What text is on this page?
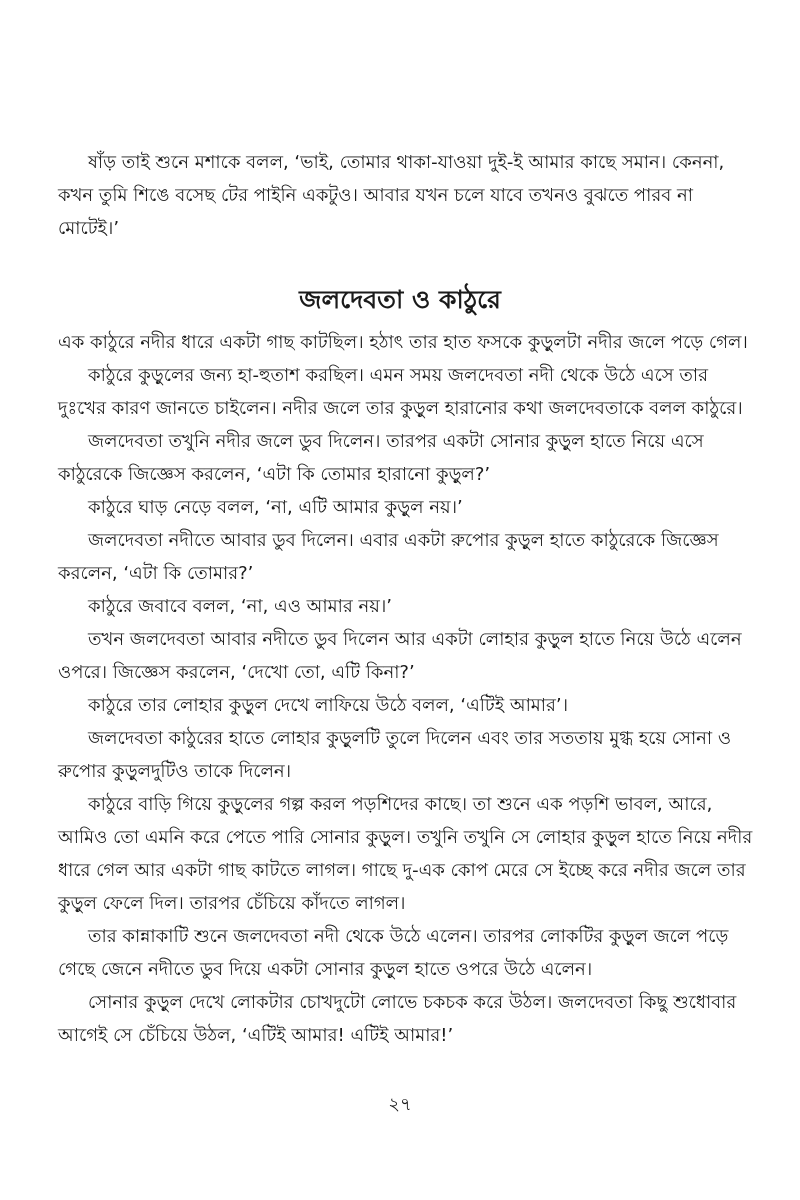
ষাঁড় তাই শুনে মশাকে বলল, ‘ভাই, তোমার থাকা-যাওয়া দুই-ই আমার কাছে সমান। কেননা, কখন তুমি শিঙে বসেছ টের পাইনি একটুও। আবার যখন চলে যাবে তখনও বুঝতে পারব না মোটেই।’

জলদেবতা ও কাঠুরে

এক কাঠুরে নদীর ধারে একটা গাছ কাটছিল। হঠাৎ তার হাত ফসকে কুড়ুলটা নদীর জলে পড়ে গেল।

কাঠুরে কুড়ুলের জন্য হা-হুতাশ করছিল। এমন সময় জলদেবতা নদী থেকে উঠে এসে তার দুঃখের কারণ জানতে চাইলেন। নদীর জলে তার কুড়ুল হারানোর কথা জলদেবতাকে বলল কাঠুরে।

জলদেবতা তখুনি নদীর জলে ডুব দিলেন। তারপর একটা সোনার কুড়ুল হাতে নিয়ে এসে কাঠুরেকে জিজ্ঞেস করলেন, ‘এটা কি তোমার হারানো কুড়ুল?’

কাঠুরে ঘাড় নেড়ে বলল, ‘না, এটি আমার কুড়ুল নয়।’

জলদেবতা নদীতে আবার ডুব দিলেন। এবার একটা রুপোর কুড়ুল হাতে কাঠুরেকে জিজ্ঞেস করলেন, ‘এটা কি তোমার?’

কাঠুরে জবাবে বলল, ‘না, এও আমার নয়।’

তখন জলদেবতা আবার নদীতে ডুব দিলেন আর একটা লোহার কুড়ুল হাতে নিয়ে উঠে এলেন ওপরে। জিজ্ঞেস করলেন, ‘দেখো তো, এটি কিনা?’

কাঠুরে তার লোহার কুড়ুল দেখে লাফিয়ে উঠে বলল, ‘এটিই আমার’।

জলদেবতা কাঠুরের হাতে লোহার কুড়ুলটি তুলে দিলেন এবং তার সততায় মুগ্ধ হয়ে সোনা ও রুপোর কুড়ুলদুটিও তাকে দিলেন।

কাঠুরে বাড়ি গিয়ে কুড়ুলের গল্প করল পড়শিদের কাছে। তা শুনে এক পড়শি ভাবল, আরে, আমিও তো এমনি করে পেতে পারি সোনার কুড়ুল। তখুনি তখুনি সে লোহার কুড়ুল হাতে নিয়ে নদীর ধারে গেল আর একটা গাছ কাটতে লাগল। গাছে দু-এক কোপ মেরে সে ইচ্ছে করে নদীর জলে তার কুড়ুল ফেলে দিল। তারপর চেঁচিয়ে কাঁদতে লাগল।

তার কান্নাকাটি শুনে জলদেবতা নদী থেকে উঠে এলেন। তারপর লোকটির কুড়ুল জলে পড়ে গেছে জেনে নদীতে ডুব দিয়ে একটা সোনার কুড়ুল হাতে ওপরে উঠে এলেন।

সোনার কুড়ুল দেখে লোকটার চোখদুটো লোভে চকচক করে উঠল। জলদেবতা কিছু শুধোবার আগেই সে চেঁচিয়ে উঠল, ‘এটিই আমার! এটিই আমার!’

২৭
